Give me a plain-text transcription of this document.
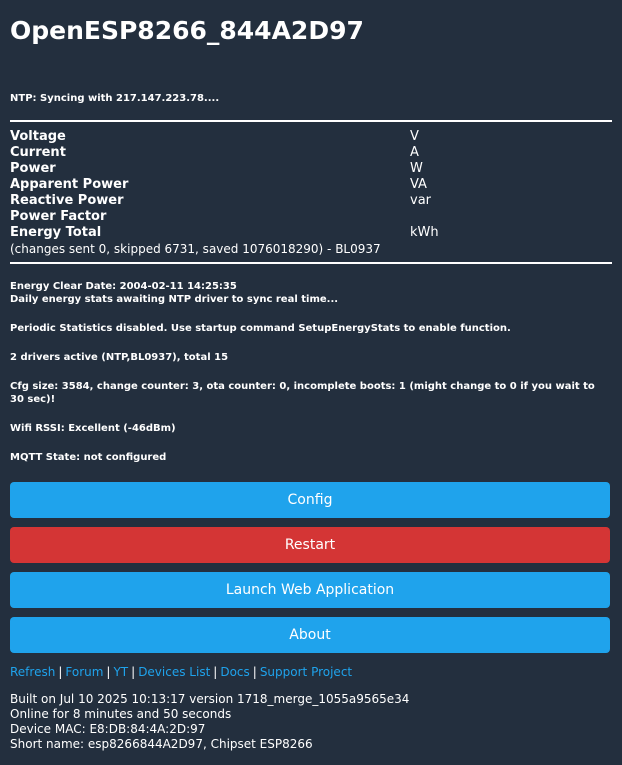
OpenESP8266_844A2D97
NTP: Syncing with 217.147.223.78....
Voltage	V
Current	A
Power	W
Apparent Power	VA
Reactive Power	var
Power Factor
Energy Total	kWh
(changes sent 0, skipped 6731, saved 1076018290) - BL0937
Energy Clear Date: 2004-02-11 14:25:35
Daily energy stats awaiting NTP driver to sync real time...
Periodic Statistics disabled. Use startup command SetupEnergyStats to enable function.
2 drivers active (NTP,BL0937), total 15
Cfg size: 3584, change counter: 3, ota counter: 0, incomplete boots: 1 (might change to 0 if you wait to 30 sec)!
Wifi RSSI: Excellent (-46dBm)
MQTT State: not configured
Config
Restart
Launch Web Application
About
Refresh | Forum | YT | Devices List | Docs | Support Project
Built on Jul 10 2025 10:13:17 version 1718_merge_1055a9565e34
Online for 8 minutes and 50 seconds
Device MAC: E8:DB:84:4A:2D:97
Short name: esp8266844A2D97, Chipset ESP8266
